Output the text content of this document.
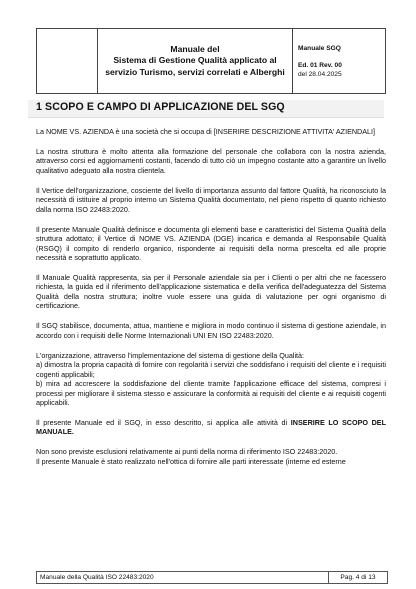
Manuale del
Sistema di Gestione Qualità applicato al
servizio Turismo, servizi correlati e Alberghi

Manuale SGQ
Ed. 01 Rev. 00
del 28.04.2025
1 SCOPO E CAMPO DI APPLICAZIONE DEL SGQ

La NOME VS. AZIENDA è una società che si occupa di [INSERIRE DESCRIZIONE ATTIVITA' AZIENDALI]

La nostra struttura è molto attenta alla formazione del personale che collabora con la nostra azienda, attraverso corsi ed aggiornamenti costanti, facendo di tutto ciò un impegno costante atto a garantire un livello qualitativo adeguato alla nostra clientela.

Il Vertice dell'organizzazione, cosciente del livello di importanza assunto dal fattore Qualità, ha riconosciuto la necessità di istituire al proprio interno un Sistema Qualità documentato, nel pieno rispetto di quanto richiesto dalla norma ISO 22483:2020.

Il presente Manuale Qualità definisce e documenta gli elementi base e caratteristici del Sistema Qualità della struttura adottato; il Vertice di NOME VS. AZIENDA (DGE) incarica e demanda al Responsabile Qualità (RSGQ) il compito di renderlo organico, rispondente ai requisiti della norma prescelta ed alle proprie necessità e soprattutto applicato.

Il Manuale Qualità rappresenta, sia per il Personale aziendale sia per i Clienti o per altri che ne facessero richiesta, la guida ed il riferimento dell'applicazione sistematica e della verifica dell'adeguatezza del Sistema Qualità della nostra struttura; inoltre vuole essere una guida di valutazione per ogni organismo di certificazione.

Il SGQ stabilisce, documenta, attua, mantiene e migliora in modo continuo il sistema di gestione aziendale, in accordo con i requisiti delle Norme Internazionali UNI EN ISO 22483:2020.

L'organizzazione, attraverso l'implementazione del sistema di gestione della Qualità:
a) dimostra la propria capacità di fornire con regolarità i servizi che soddisfano i requisiti del cliente e i requisiti cogenti applicabili;
b) mira ad accrescere la soddisfazione del cliente tramite l'applicazione efficace del sistema, compresi i processi per migliorare il sistema stesso e assicurare la conformità ai requisiti del cliente e ai requisiti cogenti applicabili.

Il presente Manuale ed il SGQ, in esso descritto, si applica alle attività di INSERIRE LO SCOPO DEL MANUALE.

Non sono previste esclusioni relativamente ai punti della norma di riferimento ISO 22483:2020.
Il presente Manuale è stato realizzato nell'ottica di fornire alle parti interessate (interne ed esterne

Manuale della Qualità ISO 22483:2020	Pag. 4 di 13
